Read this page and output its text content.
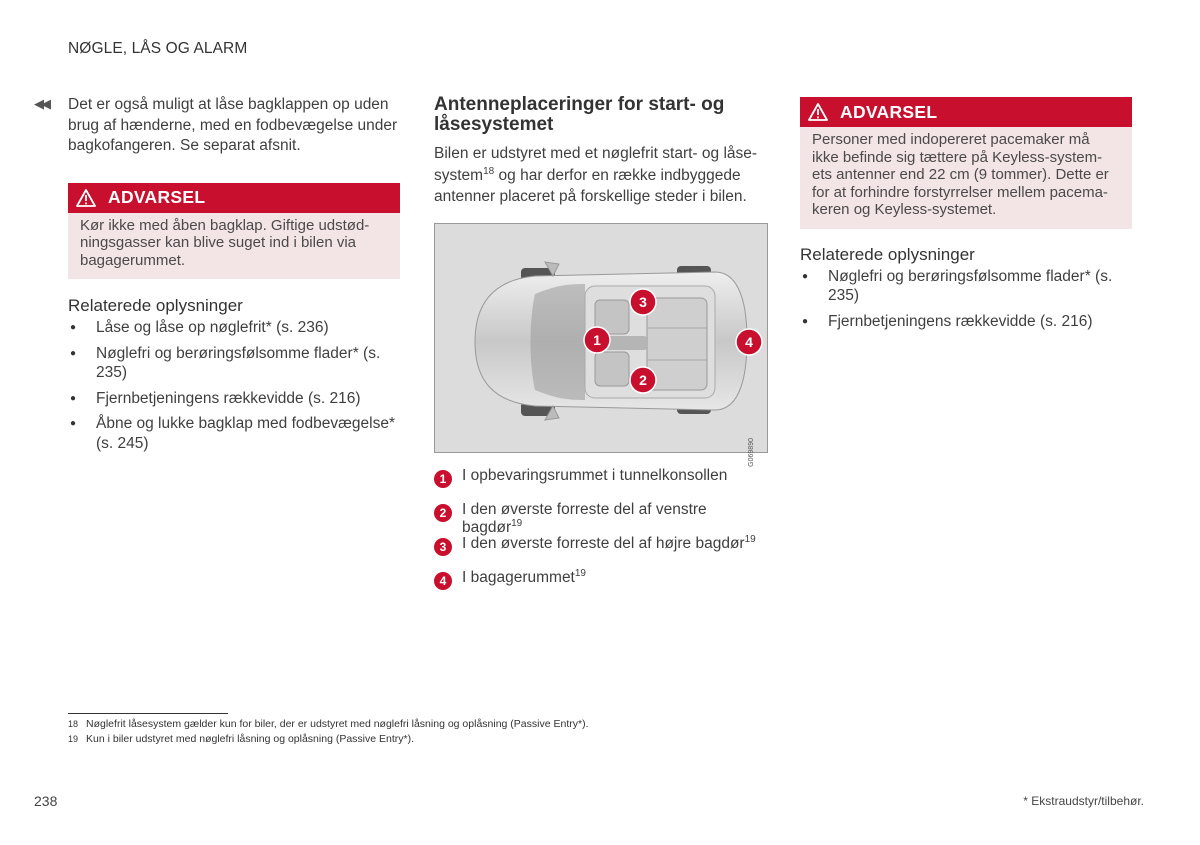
NØGLE, LÅS OG ALARM
◀◀ Det er også muligt at låse bagklappen op uden brug af hænderne, med en fodbevægelse under bagkofangeren. Se separat afsnit.

ADVARSEL
Kør ikke med åben bagklap. Giftige udstød-ningsgasser kan blive suget ind i bilen via bagagerummet.
Relaterede oplysninger
● Låse og låse op nøglefrit* (s. 236)
● Nøglefri og berøringsfølsomme flader* (s. 235)
● Fjernbetjeningens rækkevidde (s. 216)
● Åbne og lukke bagklap med fodbevægelse* (s. 245)
Antenneplaceringer for start- og låsesystemet

Bilen er udstyret med et nøglefrit start- og låse-system$^{18}$ og har derfor en række indbyggede antenner placeret på forskellige steder i bilen.

1
2
3
4
G069890
1	I opbevaringsrummet i tunnelkonsollen
2	I den øverste forreste del af venstre bagdør$^{19}$
3	I den øverste forreste del af højre bagdør$^{19}$
4	I bagagerummet$^{19}$
ADVARSEL
Personer med indopereret pacemaker må ikke befinde sig tættere på Keyless-system-ets antenner end 22 cm (9 tommer). Dette er for at forhindre forstyrrelser mellem pacema-keren og Keyless-systemet.
Relaterede oplysninger
● Nøglefri og berøringsfølsomme flader* (s. 235)
● Fjernbetjeningens rækkevidde (s. 216)
$^{18}$ Nøglefrit låsesystem gælder kun for biler, der er udstyret med nøglefri låsning og oplåsning (Passive Entry*).
$^{19}$ Kun i biler udstyret med nøglefri låsning og oplåsning (Passive Entry*).
238	* Ekstraudstyr/tilbehør.
